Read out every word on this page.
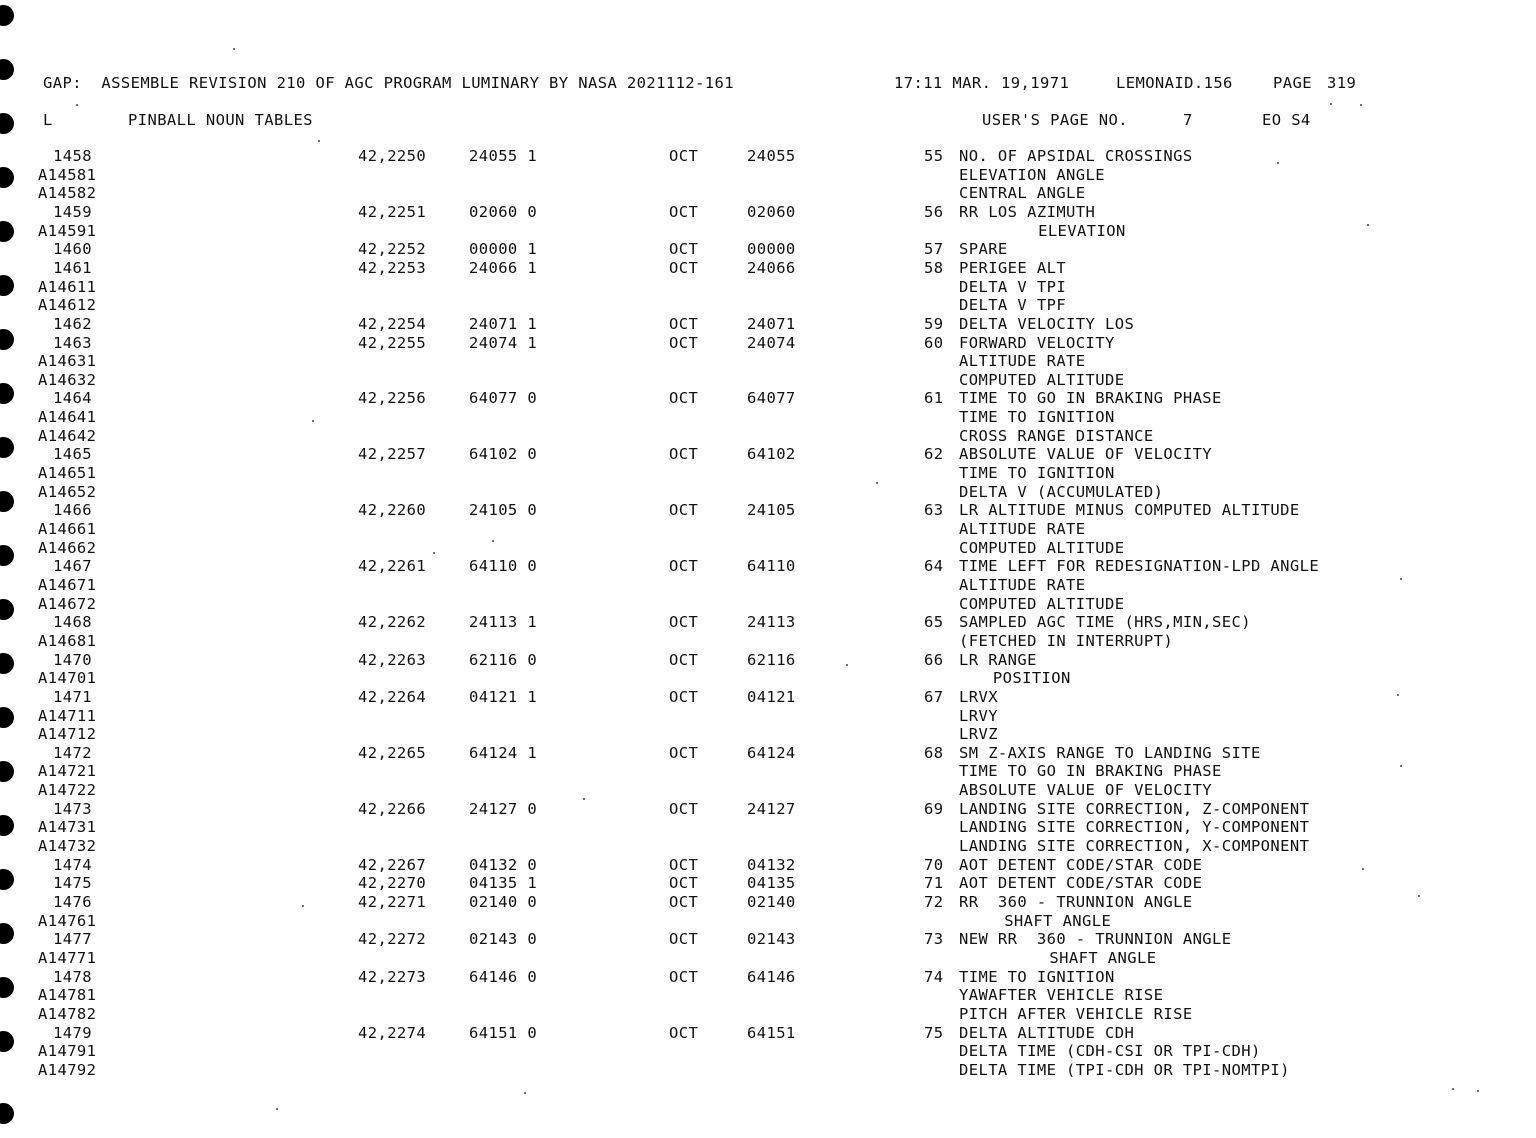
GAP:  ASSEMBLE REVISION 210 OF AGC PROGRAM LUMINARY BY NASA 2021112-161	17:11 MAR. 19,1971	LEMONAID.156	PAGE 319
L	PINBALL NOUN TABLES	USER'S PAGE NO.	7	EO S4
1458	42,2250	24055 1	OCT	24055	55 NO. OF APSIDAL CROSSINGS
A14581	ELEVATION ANGLE
A14582	CENTRAL ANGLE
1459	42,2251	02060 0	OCT	02060	56 RR LOS AZIMUTH
A14591	ELEVATION
1460	42,2252	00000 1	OCT	00000	57 SPARE
1461	42,2253	24066 1	OCT	24066	58 PERIGEE ALT
A14611	DELTA V TPI
A14612	DELTA V TPF
1462	42,2254	24071 1	OCT	24071	59 DELTA VELOCITY LOS
1463	42,2255	24074 1	OCT	24074	60 FORWARD VELOCITY
A14631	ALTITUDE RATE
A14632	COMPUTED ALTITUDE
1464	42,2256	64077 0	OCT	64077	61 TIME TO GO IN BRAKING PHASE
A14641	TIME TO IGNITION
A14642	CROSS RANGE DISTANCE
1465	42,2257	64102 0	OCT	64102	62 ABSOLUTE VALUE OF VELOCITY
A14651	TIME TO IGNITION
A14652	DELTA V (ACCUMULATED)
1466	42,2260	24105 0	OCT	24105	63 LR ALTITUDE MINUS COMPUTED ALTITUDE
A14661	ALTITUDE RATE
A14662	COMPUTED ALTITUDE
1467	42,2261	64110 0	OCT	64110	64 TIME LEFT FOR REDESIGNATION-LPD ANGLE
A14671	ALTITUDE RATE
A14672	COMPUTED ALTITUDE
1468	42,2262	24113 1	OCT	24113	65 SAMPLED AGC TIME (HRS,MIN,SEC)
A14681	(FETCHED IN INTERRUPT)
1470	42,2263	62116 0	OCT	62116	66 LR RANGE
A14701	POSITION
1471	42,2264	04121 1	OCT	04121	67 LRVX
A14711	LRVY
A14712	LRVZ
1472	42,2265	64124 1	OCT	64124	68 SM Z-AXIS RANGE TO LANDING SITE
A14721	TIME TO GO IN BRAKING PHASE
A14722	ABSOLUTE VALUE OF VELOCITY
1473	42,2266	24127 0	OCT	24127	69 LANDING SITE CORRECTION, Z-COMPONENT
A14731	LANDING SITE CORRECTION, Y-COMPONENT
A14732	LANDING SITE CORRECTION, X-COMPONENT
1474	42,2267	04132 0	OCT	04132	70 AOT DETENT CODE/STAR CODE
1475	42,2270	04135 1	OCT	04135	71 AOT DETENT CODE/STAR CODE
1476	42,2271	02140 0	OCT	02140	72 RR  360 - TRUNNION ANGLE
A14761	SHAFT ANGLE
1477	42,2272	02143 0	OCT	02143	73 NEW RR  360 - TRUNNION ANGLE
A14771	SHAFT ANGLE
1478	42,2273	64146 0	OCT	64146	74 TIME TO IGNITION
A14781	YAWAFTER VEHICLE RISE
A14782	PITCH AFTER VEHICLE RISE
1479	42,2274	64151 0	OCT	64151	75 DELTA ALTITUDE CDH
A14791	DELTA TIME (CDH-CSI OR TPI-CDH)
A14792	DELTA TIME (TPI-CDH OR TPI-NOMTPI)
